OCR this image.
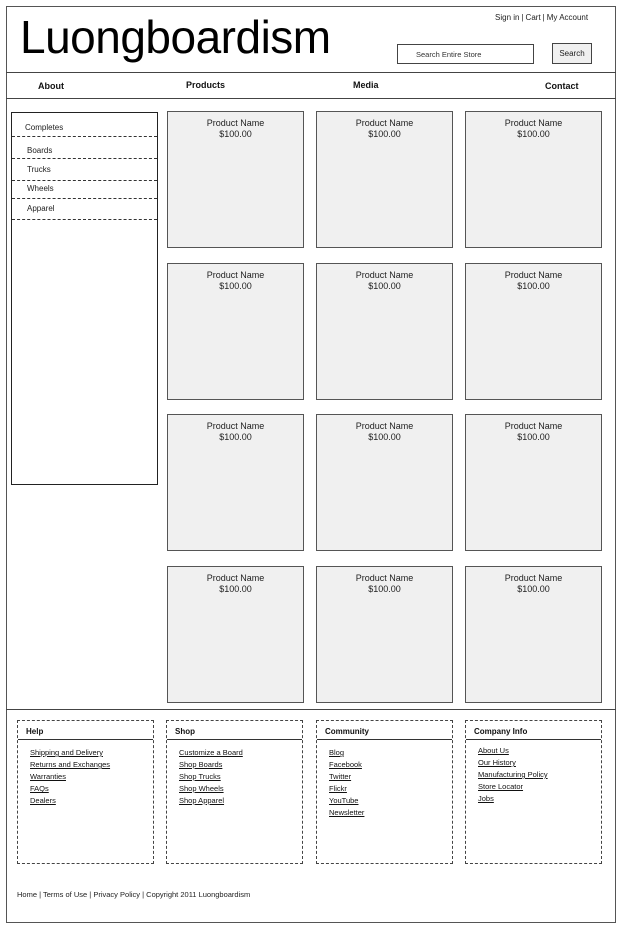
Luongboardism	Sign in | Cart | My Account
Search Entire Store
Search
About	Products	Media	Contact
Completes
Boards
Trucks
Wheels
Apparel
Product Name
$100.00
Product Name
$100.00
Product Name
$100.00
Product Name
$100.00
Product Name
$100.00
Product Name
$100.00
Product Name
$100.00
Product Name
$100.00
Product Name
$100.00
Product Name
$100.00
Product Name
$100.00
Product Name
$100.00
Help
Shipping and Delivery
Returns and Exchanges
Warranties
FAQs
Dealers
Shop
Customize a Board
Shop Boards
Shop Trucks
Shop Wheels
Shop Apparel
Community
Blog
Facebook
Twitter
Flickr
YouTube
Newsletter
Company Info
About Us
Our History
Manufacturing Policy
Store Locator
Jobs
Home | Terms of Use | Privacy Policy | Copyright 2011 Luongboardism
